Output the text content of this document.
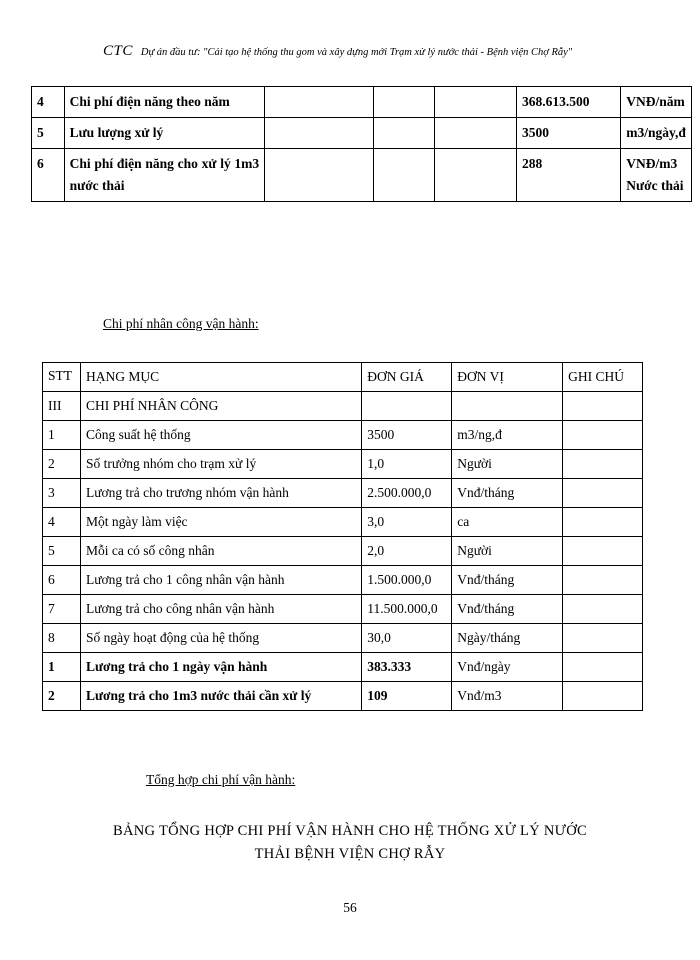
CTC Dự án đầu tư: "Cải tạo hệ thống thu gom và xây dựng mới Trạm xử lý nước thải - Bệnh viện Chợ Rẫy"
4	Chi phí điện năng theo năm				368.613.500	VNĐ/năm
5	Lưu lượng xử lý				3500	m3/ngày,đ
6	Chi phí điện năng cho xử lý 1m3 nước thải				288	VNĐ/m3 Nước thải
Chi phí nhân công vận hành:
STT	HẠNG MỤC	ĐƠN GIÁ	ĐƠN VỊ	GHI CHÚ
III	CHI PHÍ NHÂN CÔNG			
1	Công suất hệ thống	3500	m3/ng,đ	
2	Số trưởng nhóm cho trạm xử lý	1,0	Người	
3	Lương trả cho trương nhóm vận hành	2.500.000,0	Vnđ/tháng	
4	Một ngày làm việc	3,0	ca	
5	Mỗi ca có số công nhân	2,0	Người	
6	Lương trả cho 1 công nhân vận hành	1.500.000,0	Vnđ/tháng	
7	Lương trả cho công nhân vận hành	11.500.000,0	Vnđ/tháng	
8	Số ngày hoạt động của hệ thống	30,0	Ngày/tháng	
1	Lương trả cho 1 ngày vận hành	383.333	Vnđ/ngày	
2	Lương trả cho 1m3 nước thải cần xử lý	109	Vnđ/m3	
Tổng hợp chi phí vận hành:
BẢNG TỔNG HỢP CHI PHÍ VẬN HÀNH CHO HỆ THỐNG XỬ LÝ NƯỚC
THẢI BỆNH VIỆN CHỢ RẪY
56
